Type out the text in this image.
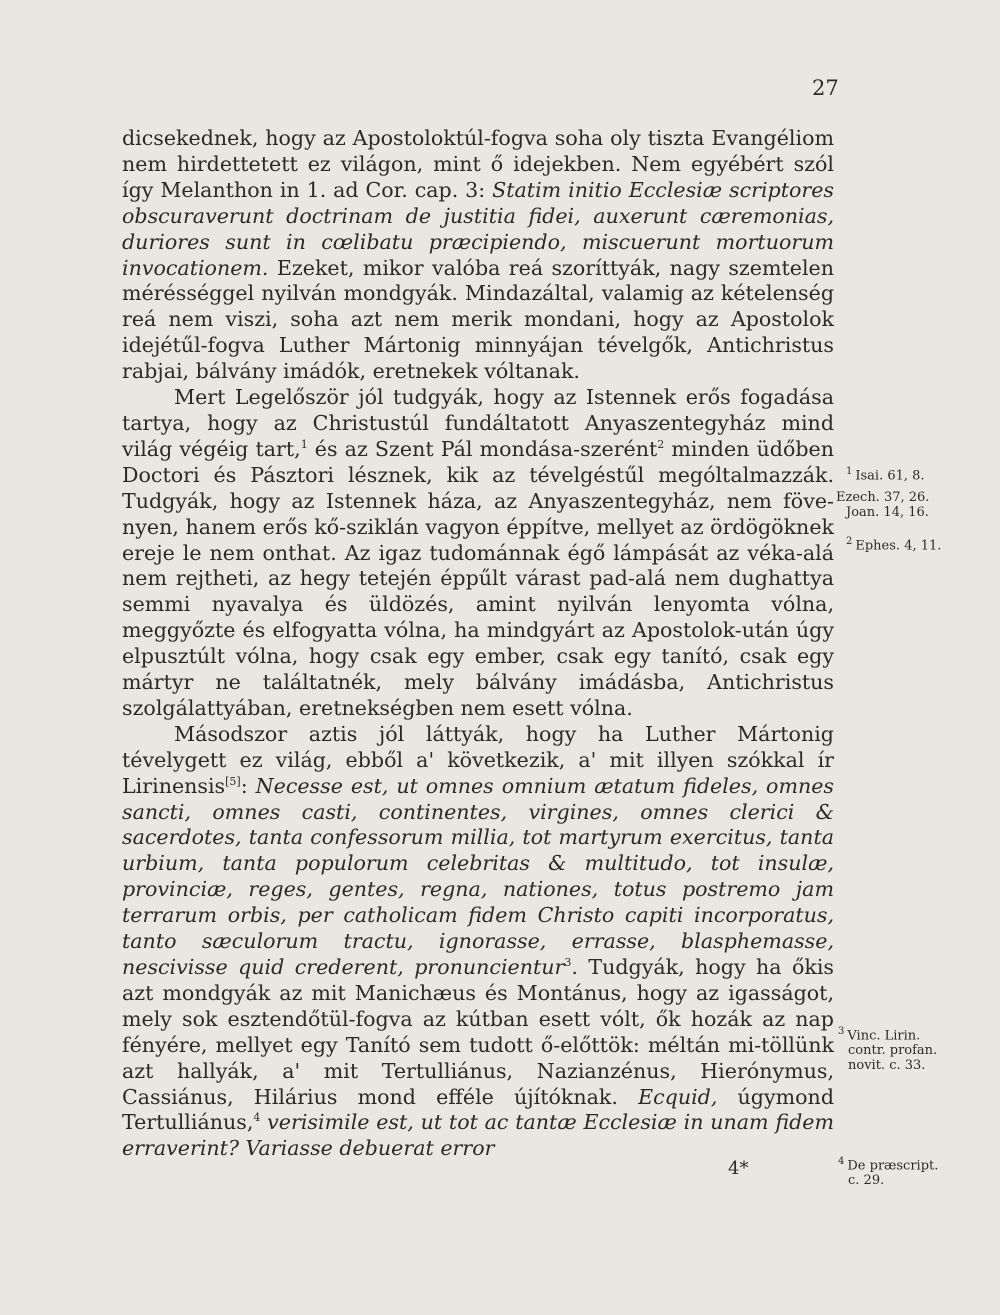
27

dicsekednek, hogy az Apostoloktúl-fogva soha oly tiszta Evangéliom nem hirdettetett ez világon, mint ő idejekben. Nem egyébért szól így Melanthon in 1. ad Cor. cap. 3: Statim initio Ecclesiæ scriptores obscuraverunt doctrinam de justitia fidei, auxerunt cæremonias, duriores sunt in cœlibatu præcipiendo, miscuerunt mortuorum invocationem. Ezeket, mikor valóba reá szoríttyák, nagy szemtelen mérésséggel nyilván mondgyák. Mindazáltal, valamig az kételenség reá nem viszi, soha azt nem merik mondani, hogy az Apostolok idejétűl-fogva Luther Mártonig minnyájan tévelgők, Antichristus rabjai, bálvány imádók, eretnekek vóltanak.

Mert Legelőször jól tudgyák, hogy az Istennek erős fogadása tartya, hogy az Christustúl fundáltatott Anyaszentegyház mind világ végéig tart,$^1$ és az Szent Pál mondása-szerént$^2$ minden üdőben Doctori és Pásztori lésznek, kik az tévelgéstűl mególtalmazzák. Tudgyák, hogy az Istennek háza, az Anyaszentegyház, nem föve-nyen, hanem erős kő-sziklán vagyon éppítve, mellyet az ördögöknek ereje le nem onthat. Az igaz tudománnak égő lámpását az véka-alá nem rejtheti, az hegy tetején éppűlt várast pad-alá nem dughattya semmi nyavalya és üldözés, amint nyilván lenyomta vólna, meggyőzte és elfogyatta vólna, ha mindgyárt az Apostolok-után úgy elpusztúlt vólna, hogy csak egy ember, csak egy tanító, csak egy mártyr ne találtatnék, mely bálvány imádásba, Antichristus szolgálattyában, eretnekségben nem esett vólna.

Másodszor aztis jól láttyák, hogy ha Luther Mártonig tévelygett ez világ, ebből a' következik, a' mit illyen szókkal ír Lirinensis[5]: Necesse est, ut omnes omnium ætatum fideles, omnes sancti, omnes casti, continentes, virgines, omnes clerici & sacerdotes, tanta confessorum millia, tot martyrum exercitus, tanta urbium, tanta populorum celebritas & multitudo, tot insulæ, provinciæ, reges, gentes, regna, nationes, totus postremo jam terrarum orbis, per catholicam fidem Christo capiti incorporatus, tanto sæculorum tractu, ignorasse, errasse, blasphemasse, nescivisse quid crederent, pronuncientur$^3$. Tudgyák, hogy ha őkis azt mondgyák az mit Manichæus és Montánus, hogy az igasságot, mely sok esztendőtül-fogva az kútban esett vólt, ők hozák az nap fényére, mellyet egy Tanító sem tudott ő-előttök: méltán mi-töllünk azt hallyák, a' mit Tertulliánus, Nazianzénus, Hierónymus, Cassiánus, Hilárius mond efféle újítóknak. Ecquid, úgymond Tertulliánus,$^4$ verisimile est, ut tot ac tantæ Ecclesiæ in unam fidem erraverint? Variasse debuerat error

$^1$ Isai. 61, 8.
Ezech. 37, 26.
Joan. 14, 16.
$^2$ Ephes. 4, 11.
$^3$ Vinc. Lirin.
contr. profan.
novit. c. 33.
$^4$ De præscript.
c. 29.
4*
